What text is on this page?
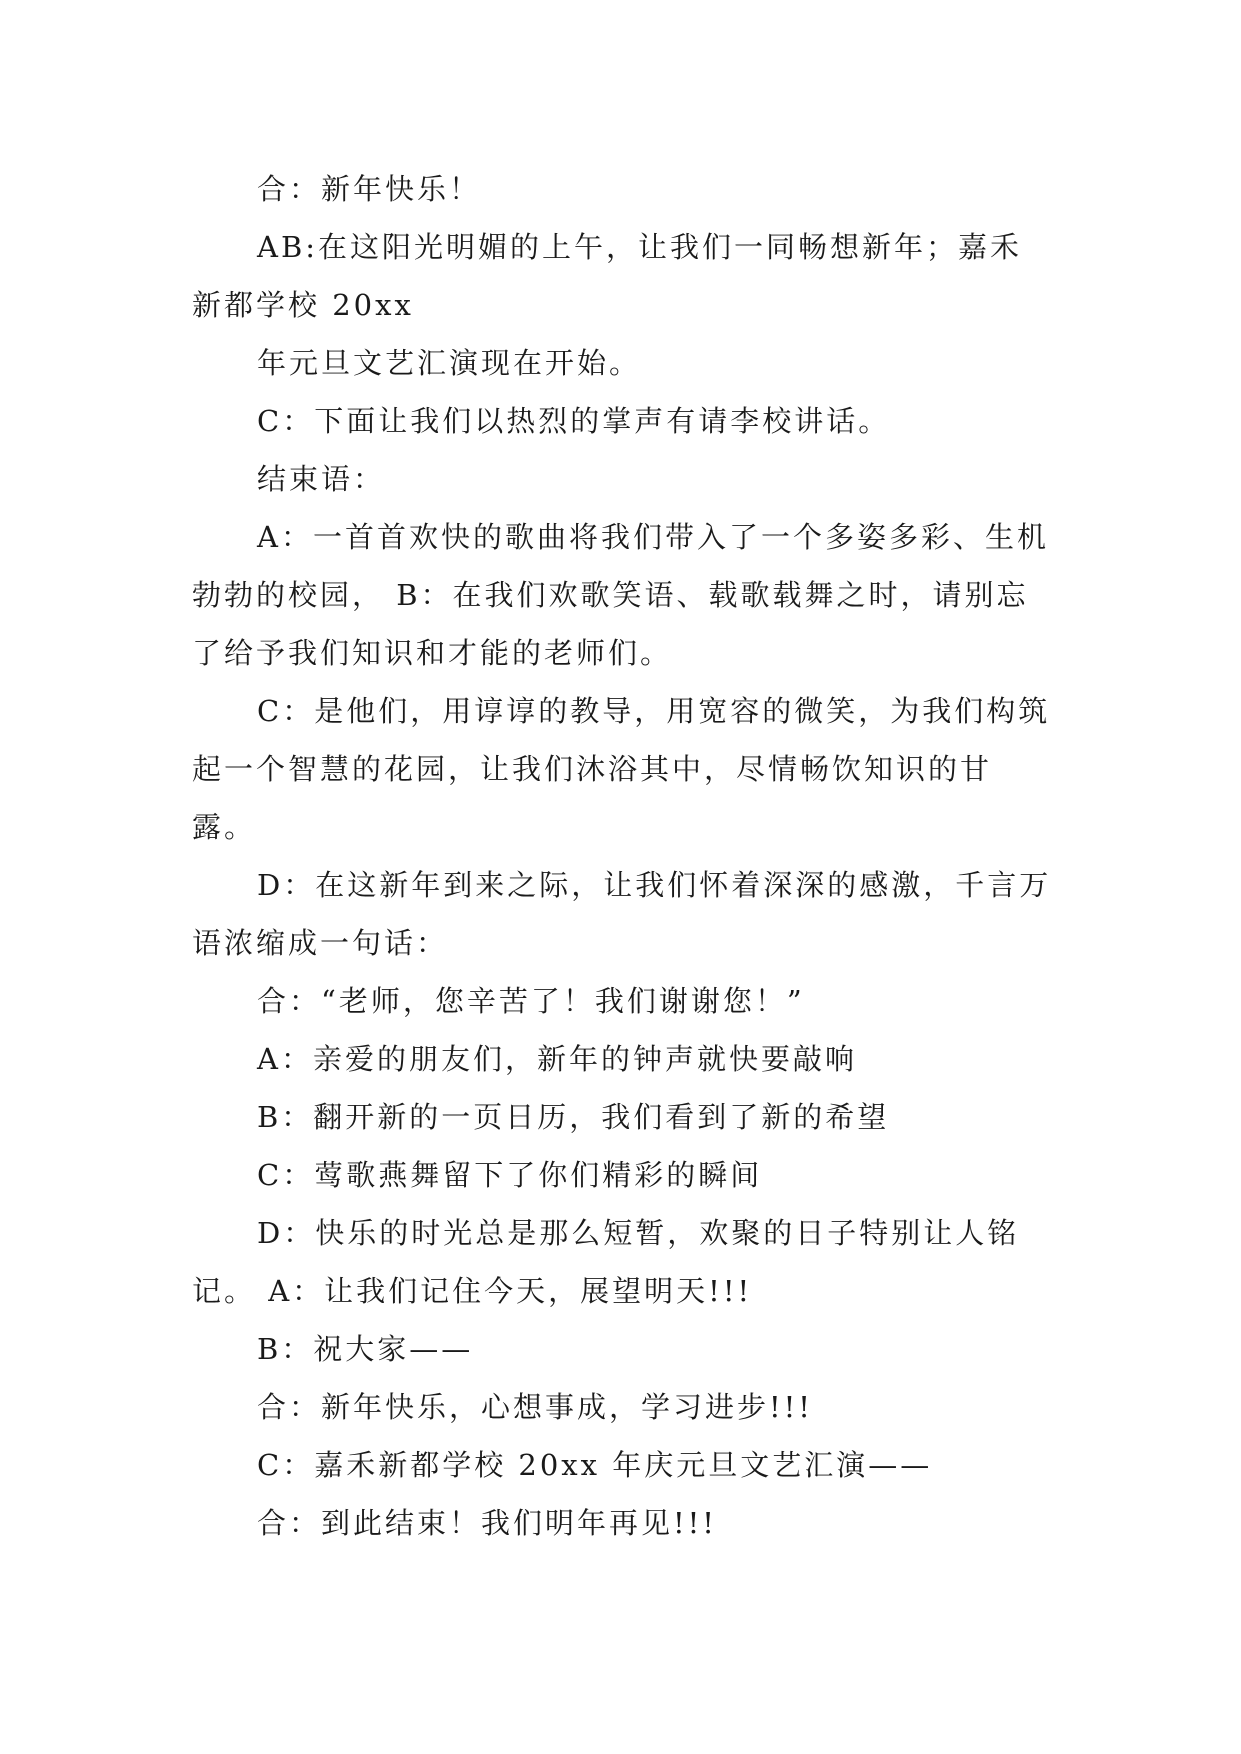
合：新年快乐！

AB:在这阳光明媚的上午，让我们一同畅想新年；嘉禾新都学校 20xx

年元旦文艺汇演现在开始。

C：下面让我们以热烈的掌声有请李校讲话。

结束语：

A：一首首欢快的歌曲将我们带入了一个多姿多彩、生机勃勃的校园， B：在我们欢歌笑语、载歌载舞之时，请别忘了给予我们知识和才能的老师们。

C：是他们，用谆谆的教导，用宽容的微笑，为我们构筑起一个智慧的花园，让我们沐浴其中，尽情畅饮知识的甘露。

D：在这新年到来之际，让我们怀着深深的感激，千言万语浓缩成一句话：

合：“老师，您辛苦了！我们谢谢您！”

A：亲爱的朋友们，新年的钟声就快要敲响

B：翻开新的一页日历，我们看到了新的希望

C：莺歌燕舞留下了你们精彩的瞬间

D：快乐的时光总是那么短暂，欢聚的日子特别让人铭记。 A：让我们记住今天，展望明天!!!

B：祝大家——

合：新年快乐，心想事成，学习进步!!!

C：嘉禾新都学校 20xx 年庆元旦文艺汇演——

合：到此结束！我们明年再见!!!
